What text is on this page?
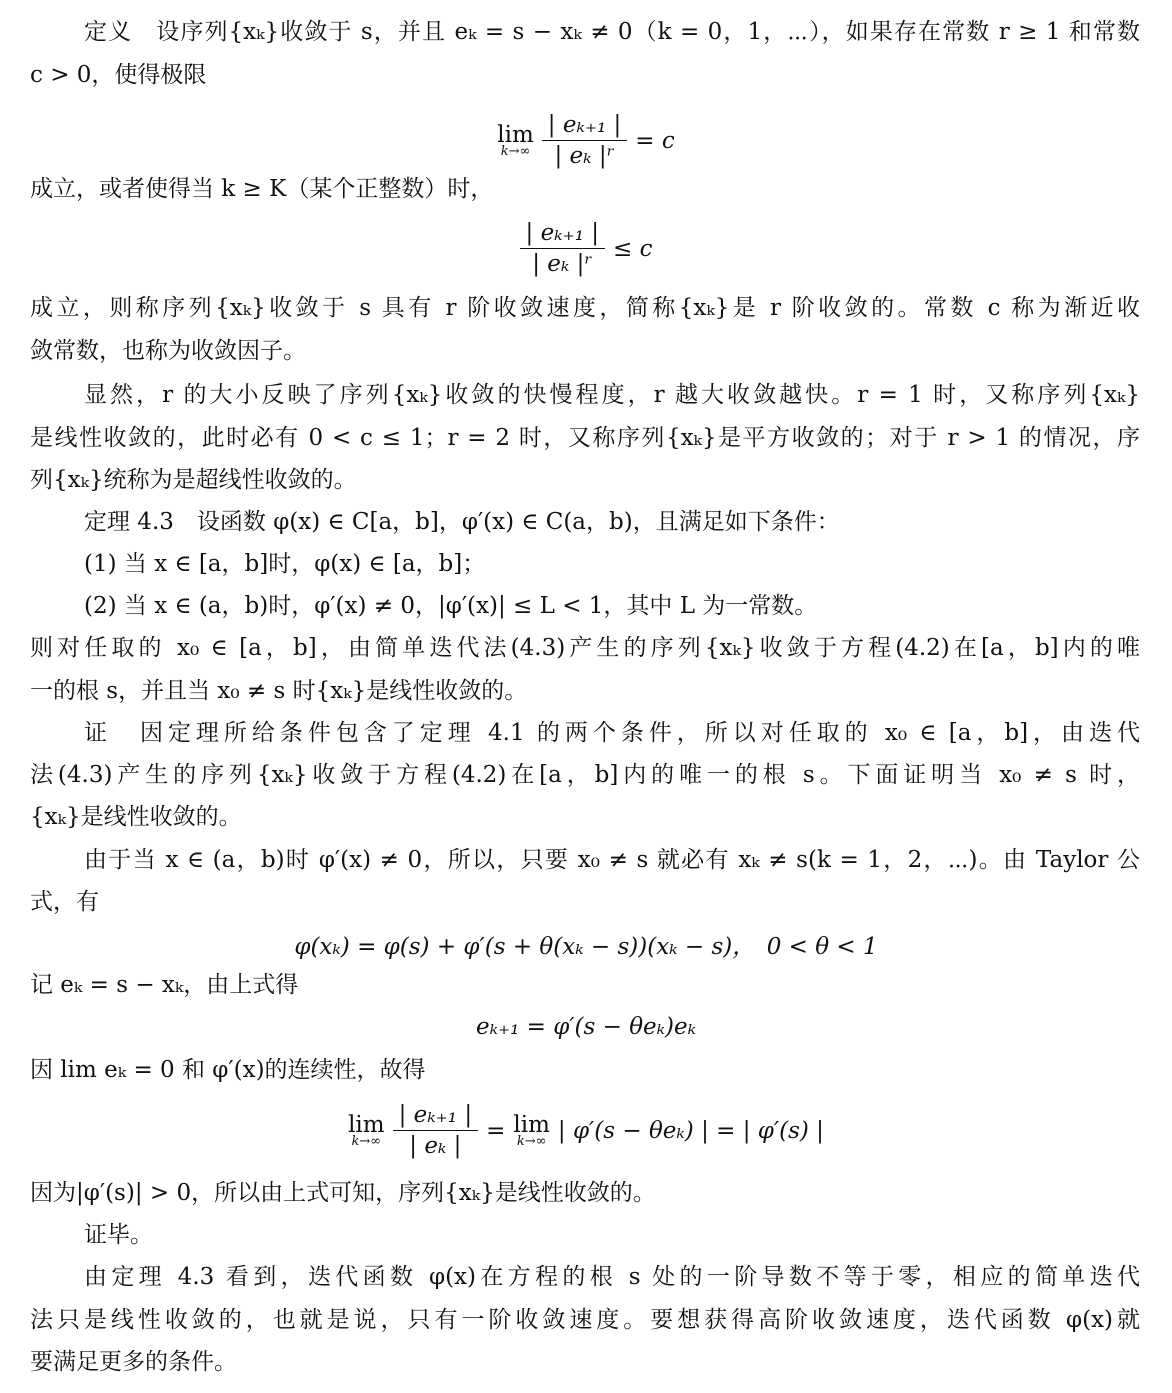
定义　设序列{xₖ}收敛于 s，并且 eₖ = s − xₖ ≠ 0（k = 0，1，⋯），如果存在常数 r ≥ 1 和常数
c > 0，使得极限
lim
$k\to\infty \frac{\text{| eₖ₊₁ |}}{\text{| eₖ |ʳ}} = c$
成立，或者使得当 k ≥ K（某个正整数）时，
$\frac{\text{| eₖ₊₁ |}}{\text{| eₖ |ʳ}} \le c$
成立，则称序列{xₖ}收敛于 s 具有 r 阶收敛速度，简称{xₖ}是 r 阶收敛的。常数 c 称为渐近收
敛常数，也称为收敛因子。
显然，r 的大小反映了序列{xₖ}收敛的快慢程度，r 越大收敛越快。r = 1 时，又称序列{xₖ}
是线性收敛的，此时必有 0 < c ≤ 1；r = 2 时，又称序列{xₖ}是平方收敛的；对于 r > 1 的情况，序
列{xₖ}统称为是超线性收敛的。
定理 4.3　设函数 φ(x) ∈ C[a，b]，φ′(x) ∈ C(a，b)，且满足如下条件：
(1) 当 x ∈ [a，b]时，φ(x) ∈ [a，b]；
(2) 当 x ∈ (a，b)时，φ′(x) ≠ 0，|φ′(x)| ≤ L < 1，其中 L 为一常数。
则对任取的 x₀ ∈ [a，b]，由简单迭代法(4.3)产生的序列{xₖ}收敛于方程(4.2)在[a，b]内的唯
一的根 s，并且当 x₀ ≠ s 时{xₖ}是线性收敛的。
证　因定理所给条件包含了定理 4.1 的两个条件，所以对任取的 x₀ ∈ [a，b]，由迭代
法(4.3)产生的序列{xₖ}收敛于方程(4.2)在[a，b]内的唯一的根 s。下面证明当 x₀ ≠ s 时，
{xₖ}是线性收敛的。
由于当 x ∈ (a，b)时 φ′(x) ≠ 0，所以，只要 x₀ ≠ s 就必有 xₖ ≠ s(k = 1，2，⋯)。由 Taylor 公
式，有
φ(xₖ) = φ(s) + φ′(s + θ(xₖ − s))(xₖ − s)，　0 < θ < 1
记 eₖ = s − xₖ，由上式得
eₖ₊₁ = φ′(s − θeₖ)eₖ
因 lim eₖ = 0 和 φ′(x)的连续性，故得
lim
$k\to\infty \frac{\text{| eₖ₊₁ |}}{\text{| eₖ |}} = \lim$
k→∞ | φ′(s − θeₖ) | = | φ′(s) |
因为|φ′(s)| > 0，所以由上式可知，序列{xₖ}是线性收敛的。
证毕。
由定理 4.3 看到，迭代函数 φ(x)在方程的根 s 处的一阶导数不等于零，相应的简单迭代
法只是线性收敛的，也就是说，只有一阶收敛速度。要想获得高阶收敛速度，迭代函数 φ(x)就
要满足更多的条件。
